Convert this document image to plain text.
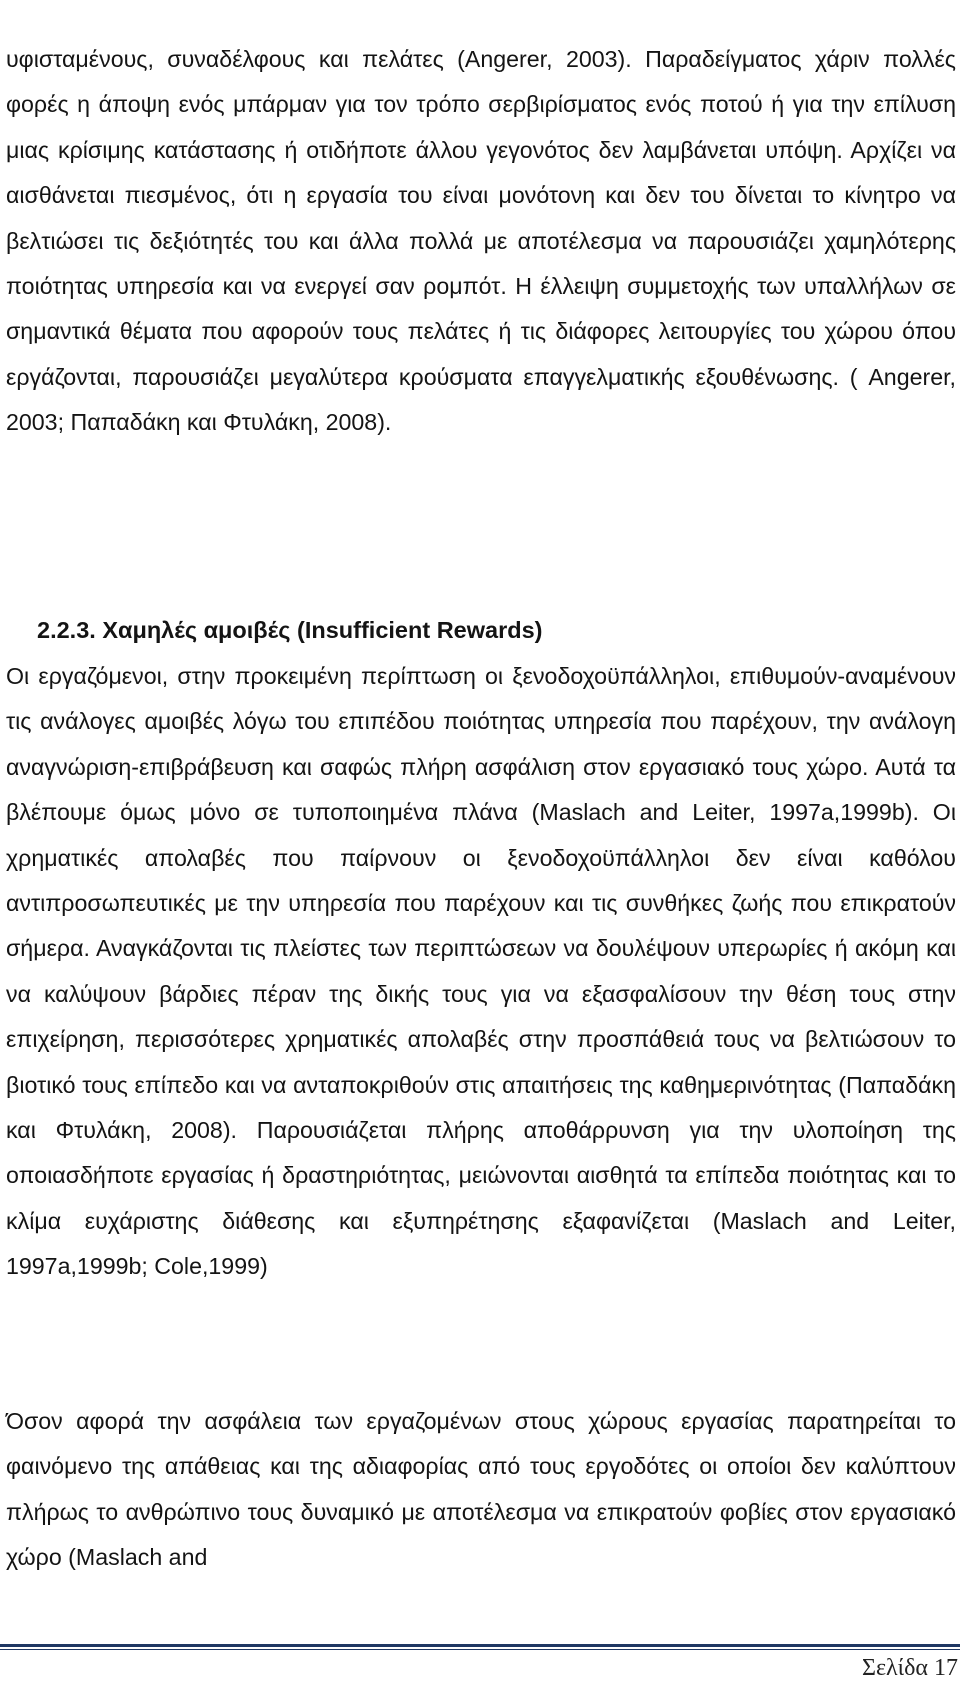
υφισταμένους, συναδέλφους και πελάτες (Angerer, 2003). Παραδείγματος χάριν πολλές φορές η άποψη ενός μπάρμαν για τον τρόπο σερβιρίσματος ενός ποτού ή για την επίλυση μιας κρίσιμης κατάστασης ή οτιδήποτε άλλου γεγονότος δεν λαμβάνεται υπόψη. Αρχίζει να αισθάνεται πιεσμένος, ότι η εργασία του είναι μονότονη και δεν του δίνεται το κίνητρο να βελτιώσει τις δεξιότητές του και άλλα πολλά με αποτέλεσμα να παρουσιάζει χαμηλότερης ποιότητας υπηρεσία και να ενεργεί σαν ρομπότ. Η έλλειψη συμμετοχής των υπαλλήλων σε σημαντικά θέματα που αφορούν τους πελάτες ή τις διάφορες λειτουργίες του χώρου όπου εργάζονται, παρουσιάζει μεγαλύτερα κρούσματα επαγγελματικής εξουθένωσης. ( Angerer, 2003; Παπαδάκη και Φτυλάκη, 2008).

2.2.3. Χαμηλές αμοιβές (Insufficient Rewards)

Οι εργαζόμενοι, στην προκειμένη περίπτωση οι ξενοδοχοϋπάλληλοι, επιθυμούν-αναμένουν τις ανάλογες αμοιβές λόγω του επιπέδου ποιότητας υπηρεσία που παρέχουν, την ανάλογη αναγνώριση-επιβράβευση και σαφώς πλήρη ασφάλιση στον εργασιακό τους χώρο. Αυτά τα βλέπουμε όμως μόνο σε τυποποιημένα πλάνα (Maslach and Leiter, 1997a,1999b). Οι χρηματικές απολαβές που παίρνουν οι ξενοδοχοϋπάλληλοι δεν είναι καθόλου αντιπροσωπευτικές με την υπηρεσία που παρέχουν και τις συνθήκες ζωής που επικρατούν σήμερα. Αναγκάζονται τις πλείστες των περιπτώσεων να δουλέψουν υπερωρίες ή ακόμη και να καλύψουν βάρδιες πέραν της δικής τους για να εξασφαλίσουν την θέση τους στην επιχείρηση, περισσότερες χρηματικές απολαβές στην προσπάθειά τους να βελτιώσουν το βιοτικό τους επίπεδο και να ανταποκριθούν στις απαιτήσεις της καθημερινότητας (Παπαδάκη και Φτυλάκη, 2008). Παρουσιάζεται πλήρης αποθάρρυνση για την υλοποίηση της οποιασδήποτε εργασίας ή δραστηριότητας, μειώνονται αισθητά τα επίπεδα ποιότητας και το κλίμα ευχάριστης διάθεσης και εξυπηρέτησης εξαφανίζεται (Maslach and Leiter, 1997a,1999b; Cole,1999)

Όσον αφορά την ασφάλεια των εργαζομένων στους χώρους εργασίας παρατηρείται το φαινόμενο της απάθειας και της αδιαφορίας από τους εργοδότες οι οποίοι δεν καλύπτουν πλήρως το ανθρώπινο τους δυναμικό με αποτέλεσμα να επικρατούν φοβίες στον εργασιακό χώρο (Maslach and

Σελίδα 17
